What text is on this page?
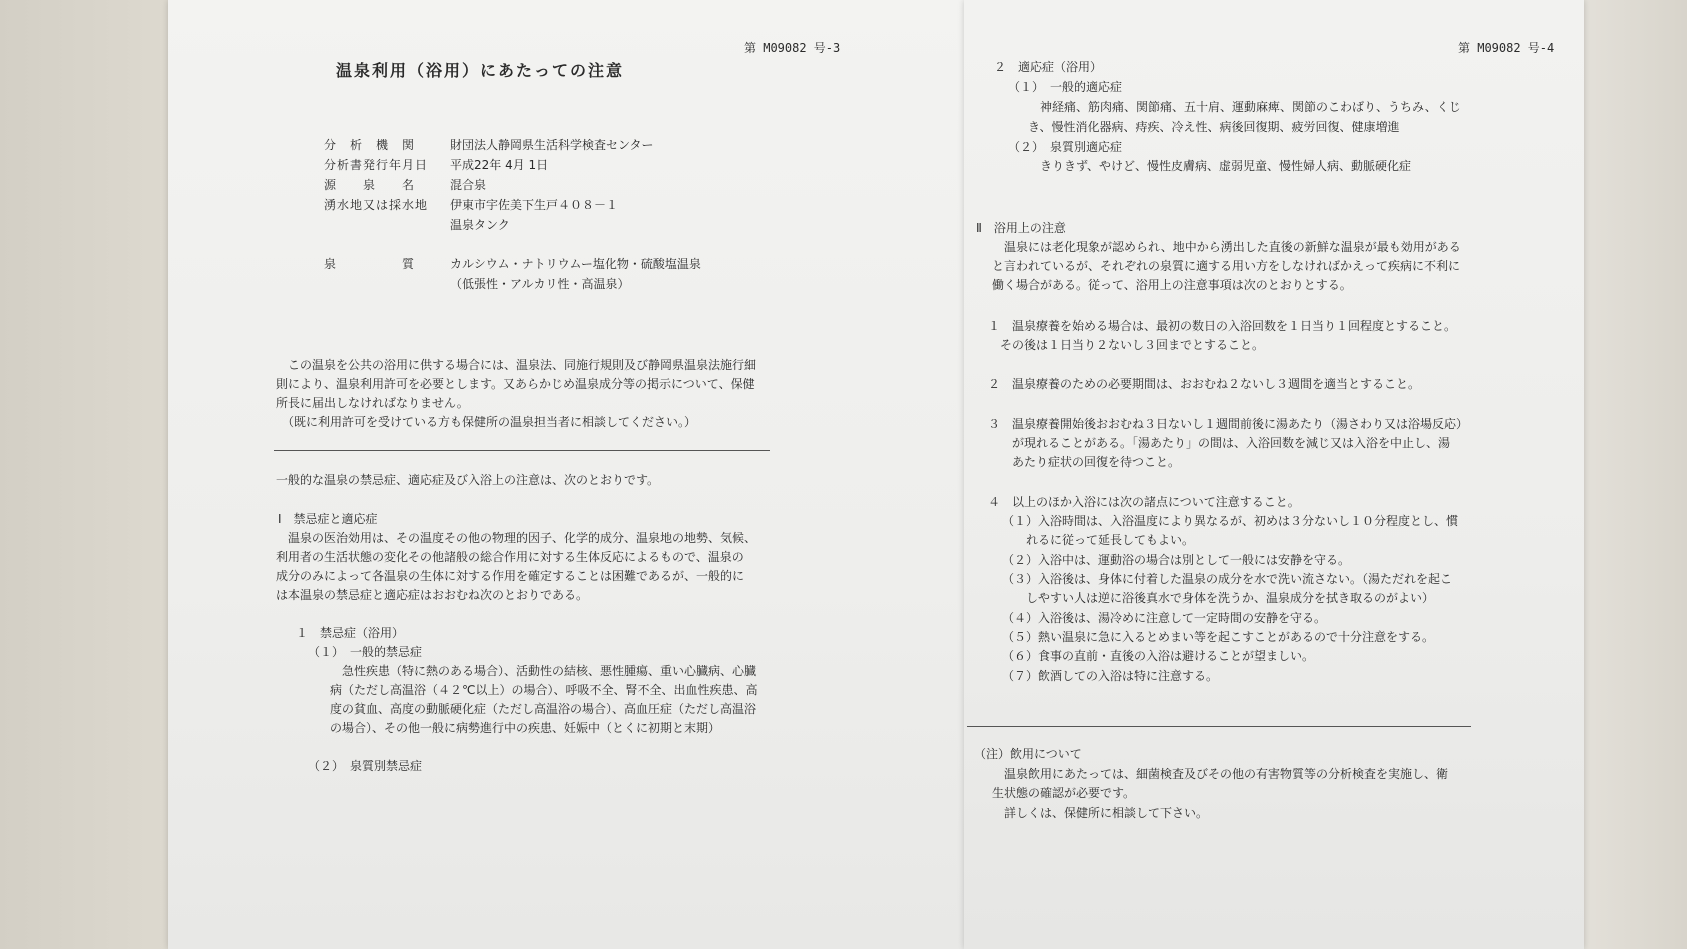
第 M09082 号-3
温泉利用（浴用）にあたっての注意
分　析　機　関	財団法人静岡県生活科学検査センター
分析書発行年月日 平成22年 4月 1日
源　　泉　　名	混合泉
湧水地又は採水地 伊東市宇佐美下生戸４０８－１
温泉タンク
泉　　　　　質	カルシウム・ナトリウムー塩化物・硫酸塩温泉
（低張性・アルカリ性・高温泉）
　この温泉を公共の浴用に供する場合には、温泉法、同施行規則及び静岡県温泉法施行細
則により、温泉利用許可を必要とします。又あらかじめ温泉成分等の掲示について、保健
所長に届出しなければなりません。
　（既に利用許可を受けている方も保健所の温泉担当者に相談してください。）
一般的な温泉の禁忌症、適応症及び入浴上の注意は、次のとおりです。
Ⅰ　禁忌症と適応症
　温泉の医治効用は、その温度その他の物理的因子、化学的成分、温泉地の地勢、気候、
利用者の生活状態の変化その他諸般の総合作用に対する生体反応によるもので、温泉の
成分のみによって各温泉の生体に対する作用を確定することは困難であるが、一般的に
は本温泉の禁忌症と適応症はおおむね次のとおりである。
１　禁忌症（浴用）
（１）　一般的禁忌症
急性疾患（特に熱のある場合）、活動性の結核、悪性腫瘍、重い心臓病、心臓
病（ただし高温浴（４２℃以上）の場合）、呼吸不全、腎不全、出血性疾患、高
度の貧血、高度の動脈硬化症（ただし高温浴の場合）、高血圧症（ただし高温浴
の場合）、その他一般に病勢進行中の疾患、妊娠中（とくに初期と末期）
（２）　泉質別禁忌症
第 M09082 号-4
２　適応症（浴用）
（１）　一般的適応症
神経痛、筋肉痛、関節痛、五十肩、運動麻痺、関節のこわばり、うちみ、くじ
き、慢性消化器病、痔疾、冷え性、病後回復期、疲労回復、健康増進
（２）　泉質別適応症
きりきず、やけど、慢性皮膚病、虚弱児童、慢性婦人病、動脈硬化症
Ⅱ　浴用上の注意
　温泉には老化現象が認められ、地中から湧出した直後の新鮮な温泉が最も効用がある
と言われているが、それぞれの泉質に適する用い方をしなければかえって疾病に不利に
働く場合がある。従って、浴用上の注意事項は次のとおりとする。
１　温泉療養を始める場合は、最初の数日の入浴回数を１日当り１回程度とすること。
　その後は１日当り２ないし３回までとすること。
２　温泉療養のための必要期間は、おおむね２ないし３週間を適当とすること。
３　温泉療養開始後おおむね３日ないし１週間前後に湯あたり（湯さわり又は浴場反応）
　　が現れることがある。「湯あたり」の間は、入浴回数を減じ又は入浴を中止し、湯
　　あたり症状の回復を待つこと。
４　以上のほか入浴には次の諸点について注意すること。
（１）入浴時間は、入浴温度により異なるが、初めは３分ないし１０分程度とし、慣
　　れるに従って延長してもよい。
（２）入浴中は、運動浴の場合は別として一般には安静を守る。
（３）入浴後は、身体に付着した温泉の成分を水で洗い流さない。（湯ただれを起こ
　　しやすい人は逆に浴後真水で身体を洗うか、温泉成分を拭き取るのがよい）
（４）入浴後は、湯冷めに注意して一定時間の安静を守る。
（５）熱い温泉に急に入るとめまい等を起こすことがあるので十分注意をする。
（６）食事の直前・直後の入浴は避けることが望ましい。
（７）飲酒しての入浴は特に注意する。
（注）飲用について
　温泉飲用にあたっては、細菌検査及びその他の有害物質等の分析検査を実施し、衛
生状態の確認が必要です。
　詳しくは、保健所に相談して下さい。
